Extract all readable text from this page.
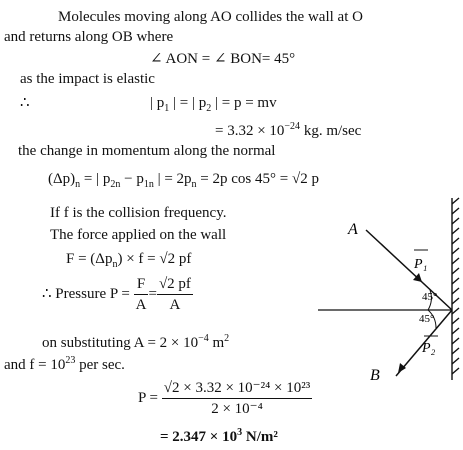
Molecules moving along AO collides the wall at O
and returns along OB where
∠ AON = ∠ BON= 45°
as the impact is elastic
∴	| $p_1$ | = | $p_2$ | = p = mv
= $3.32 \times 10^{-24}$ kg. m/sec
the change in momentum along the normal
$(\Delta p)_n$ = | $p_{2n} - p_{1n}$ | = $2p_n = 2p$ cos 45° = √2 p
If f is the collision frequency.
The force applied on the wall
$F = (\Delta p_n) \times f = √2$ pf
∴ Pressure $P = \frac{F}{A} = \frac{√2 pf}{A}$
on substituting $A = 2 \times 10^{-4}$ $m^2$
and $f = 10^{23}$ per sec.
$P = \frac{\text{√2 × 3.32 × 10⁻²⁴ × 10²³}}{\text{2 × 10⁻⁴}}$
= $2.347 \times 10^3$ N/m²
A
B
P₁
P₂
45°
45°
